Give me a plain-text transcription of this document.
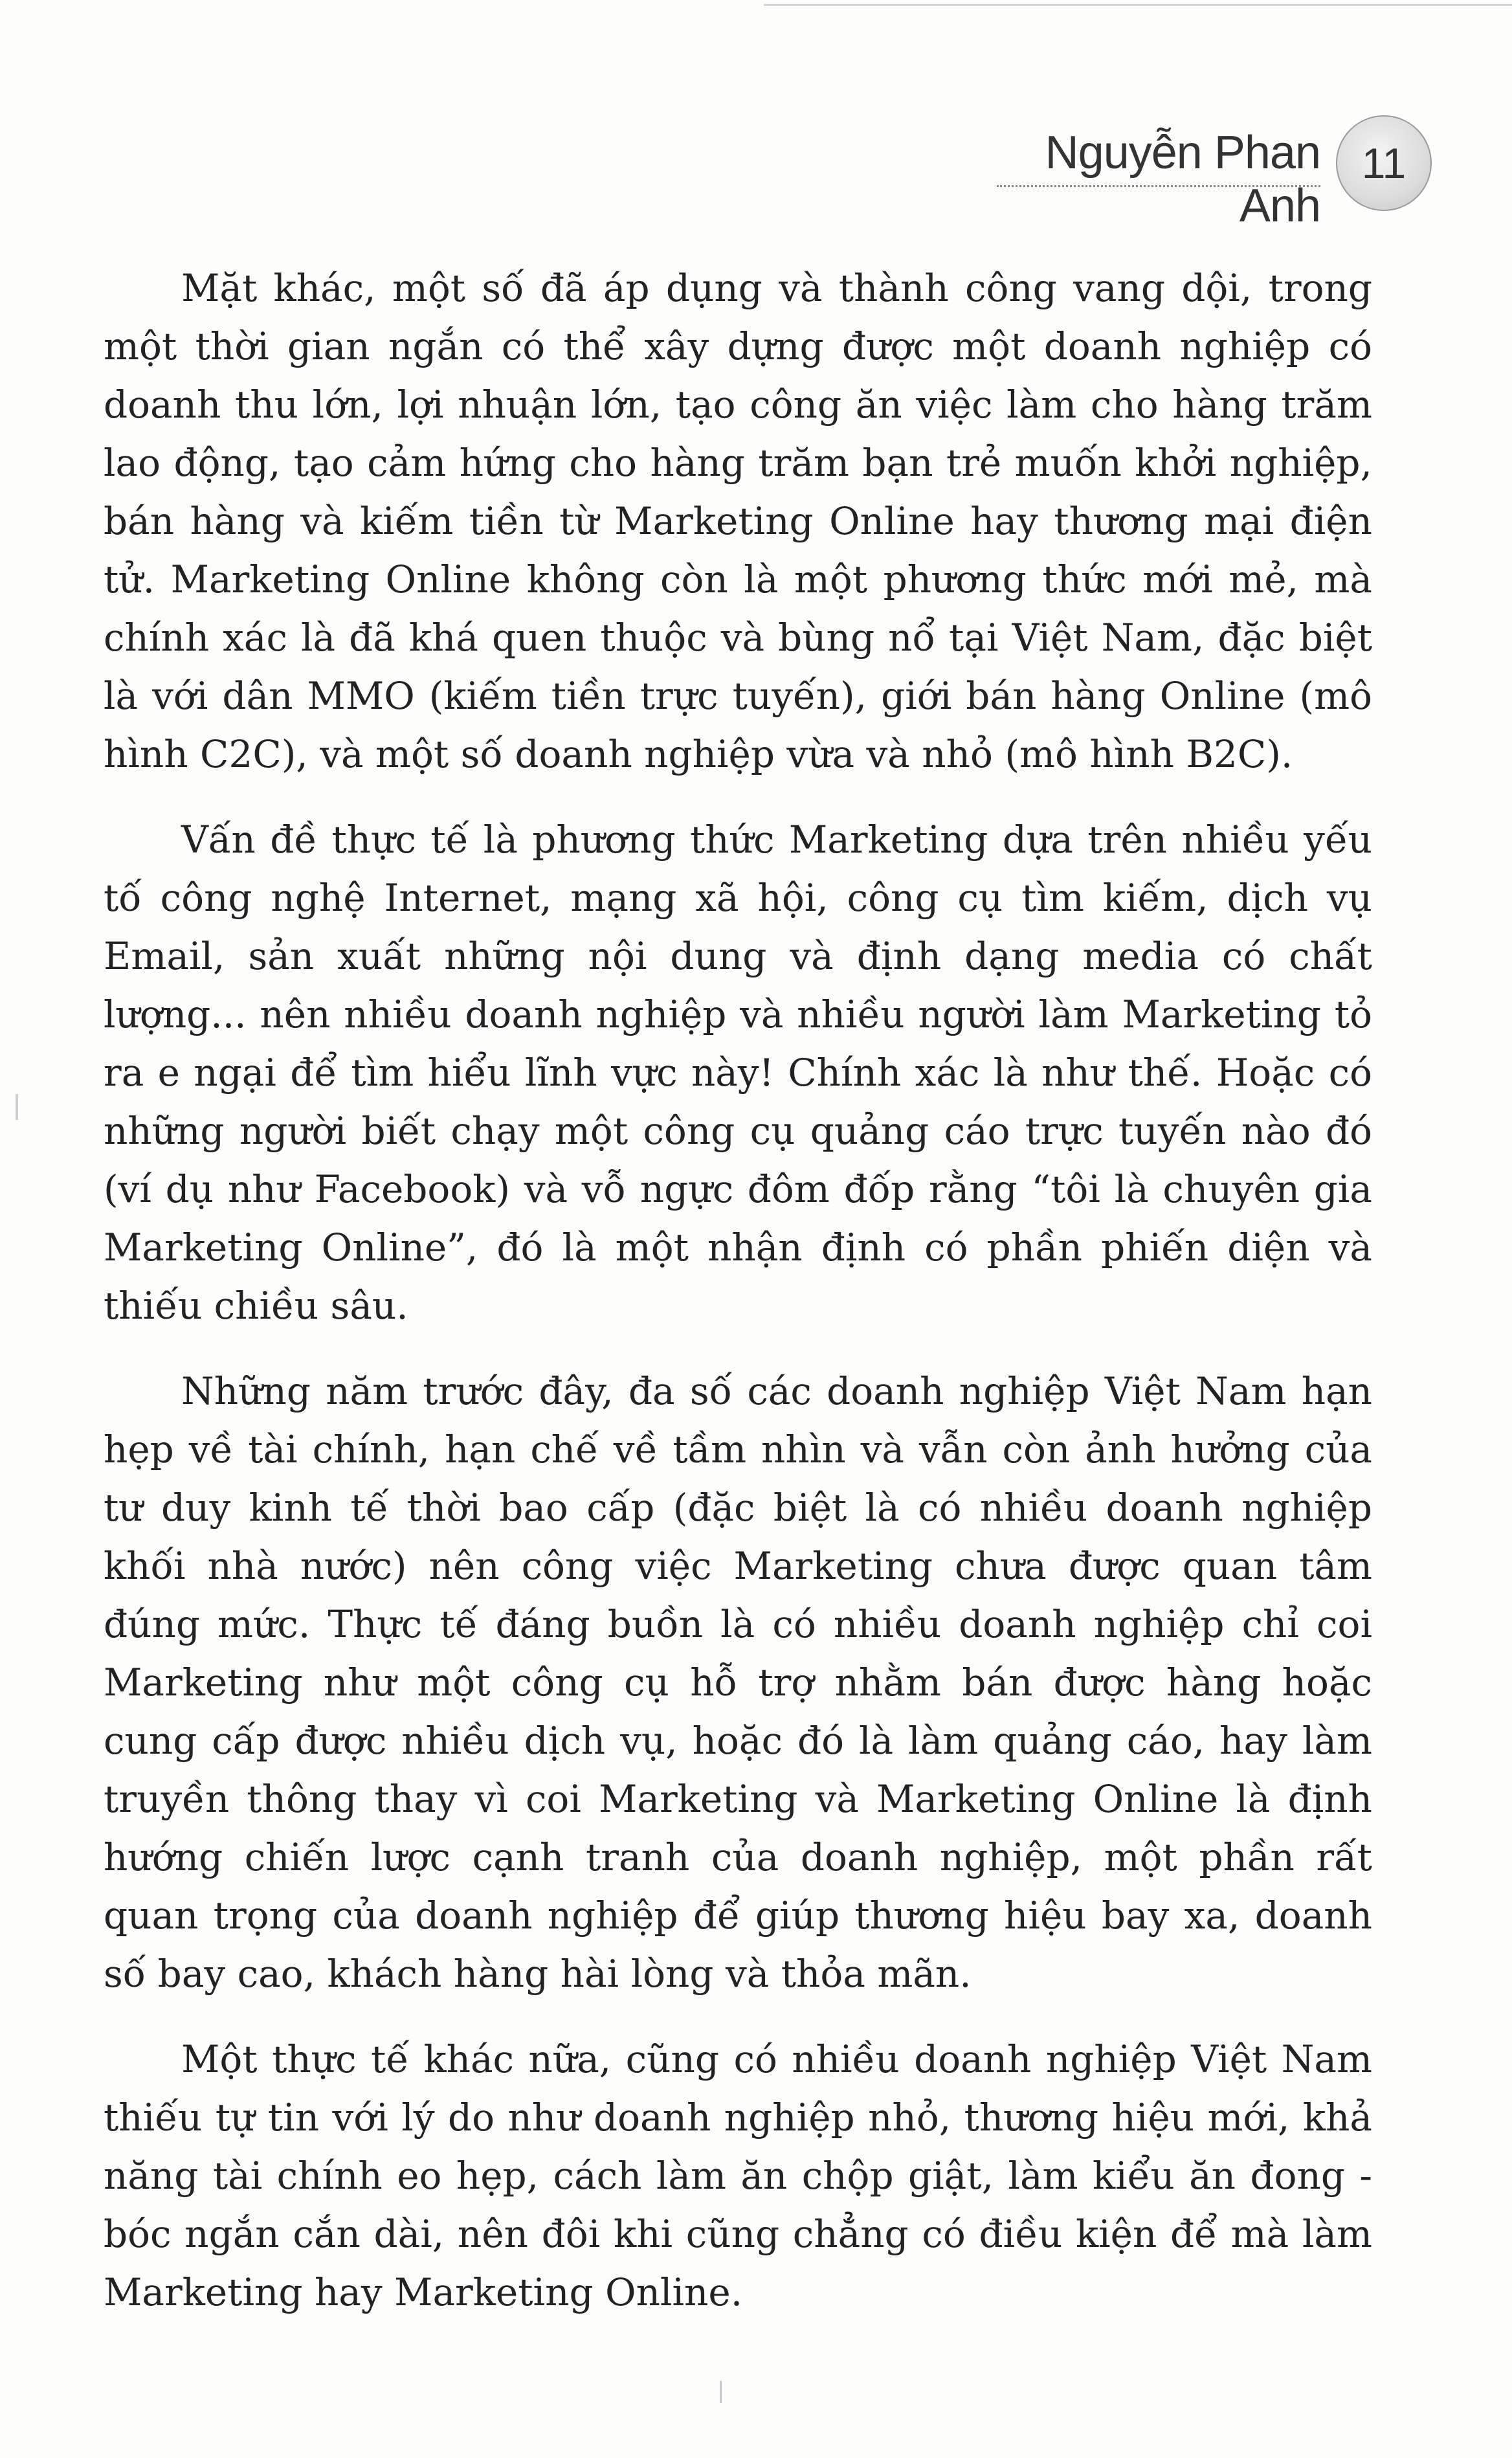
Nguyễn Phan Anh
11

Mặt khác, một số đã áp dụng và thành công vang dội, trong một thời gian ngắn có thể xây dựng được một doanh nghiệp có doanh thu lớn, lợi nhuận lớn, tạo công ăn việc làm cho hàng trăm lao động, tạo cảm hứng cho hàng trăm bạn trẻ muốn khởi nghiệp, bán hàng và kiếm tiền từ Marketing Online hay thương mại điện tử. Marketing Online không còn là một phương thức mới mẻ, mà chính xác là đã khá quen thuộc và bùng nổ tại Việt Nam, đặc biệt là với dân MMO (kiếm tiền trực tuyến), giới bán hàng Online (mô hình C2C), và một số doanh nghiệp vừa và nhỏ (mô hình B2C).

Vấn đề thực tế là phương thức Marketing dựa trên nhiều yếu tố công nghệ Internet, mạng xã hội, công cụ tìm kiếm, dịch vụ Email, sản xuất những nội dung và định dạng media có chất lượng... nên nhiều doanh nghiệp và nhiều người làm Marketing tỏ ra e ngại để tìm hiểu lĩnh vực này! Chính xác là như thế. Hoặc có những người biết chạy một công cụ quảng cáo trực tuyến nào đó (ví dụ như Facebook) và vỗ ngực đôm đốp rằng “tôi là chuyên gia Marketing Online”, đó là một nhận định có phần phiến diện và thiếu chiều sâu.

Những năm trước đây, đa số các doanh nghiệp Việt Nam hạn hẹp về tài chính, hạn chế về tầm nhìn và vẫn còn ảnh hưởng của tư duy kinh tế thời bao cấp (đặc biệt là có nhiều doanh nghiệp khối nhà nước) nên công việc Marketing chưa được quan tâm đúng mức. Thực tế đáng buồn là có nhiều doanh nghiệp chỉ coi Marketing như một công cụ hỗ trợ nhằm bán được hàng hoặc cung cấp được nhiều dịch vụ, hoặc đó là làm quảng cáo, hay làm truyền thông thay vì coi Marketing và Marketing Online là định hướng chiến lược cạnh tranh của doanh nghiệp, một phần rất quan trọng của doanh nghiệp để giúp thương hiệu bay xa, doanh số bay cao, khách hàng hài lòng và thỏa mãn.

Một thực tế khác nữa, cũng có nhiều doanh nghiệp Việt Nam thiếu tự tin với lý do như doanh nghiệp nhỏ, thương hiệu mới, khả năng tài chính eo hẹp, cách làm ăn chộp giật, làm kiểu ăn đong - bóc ngắn cắn dài, nên đôi khi cũng chẳng có điều kiện để mà làm Marketing hay Marketing Online.
